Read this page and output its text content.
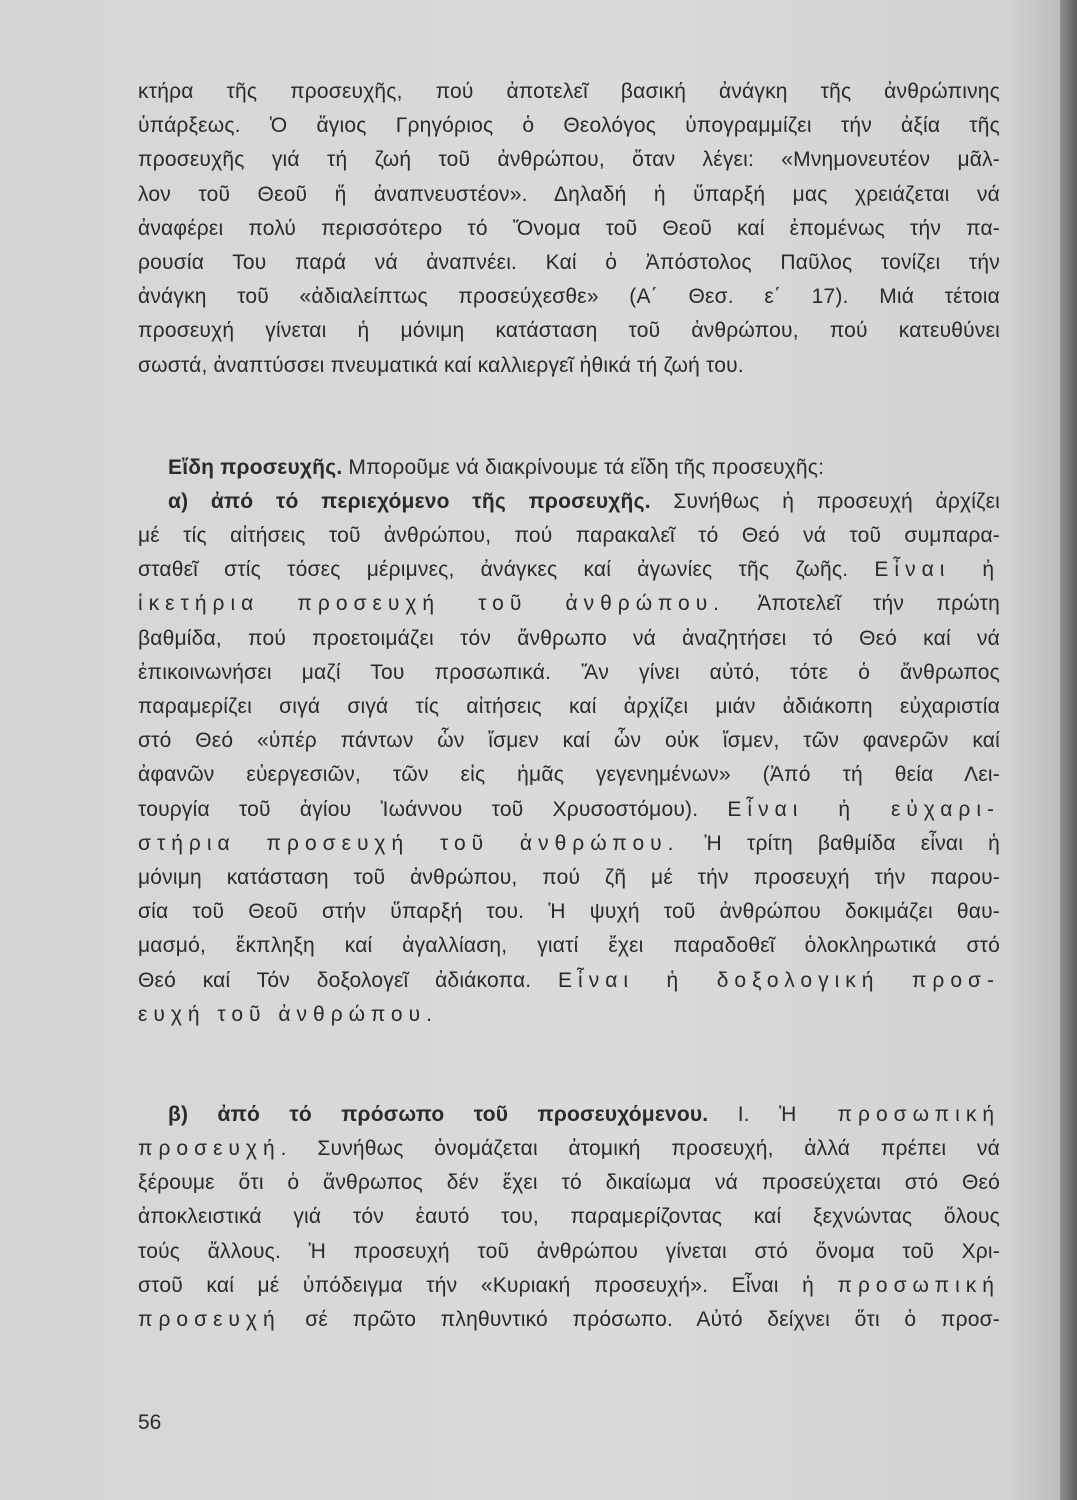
κτήρα τῆς προσευχῆς, πού ἀποτελεῖ βασική ἀνάγκη τῆς ἀνθρώπινης
ὑπάρξεως. Ὁ ἅγιος Γρηγόριος ὁ Θεολόγος ὑπογραμμίζει τήν ἀξία τῆς
προσευχῆς γιά τή ζωή τοῦ ἀνθρώπου, ὅταν λέγει: «Μνημονευτέον μᾶλ-
λον τοῦ Θεοῦ ἤ ἀναπνευστέον». Δηλαδή ἡ ὕπαρξή μας χρειάζεται νά
ἀναφέρει πολύ περισσότερο τό Ὄνομα τοῦ Θεοῦ καί ἐπομένως τήν πα-
ρουσία Του παρά νά ἀναπνέει. Καί ὁ Ἀπόστολος Παῦλος τονίζει τήν
ἀνάγκη τοῦ «ἀδιαλείπτως προσεύχεσθε» (Α΄ Θεσ. ε΄ 17). Μιά τέτοια
προσευχή γίνεται ἡ μόνιμη κατάσταση τοῦ ἀνθρώπου, πού κατευθύνει
σωστά, ἀναπτύσσει πνευματικά καί καλλιεργεῖ ἠθικά τή ζωή του.
Εἴδη προσευχῆς. Μποροῦμε νά διακρίνουμε τά εἴδη τῆς προσευχῆς:
α) ἀπό τό περιεχόμενο τῆς προσευχῆς. Συνήθως ἡ προσευχή ἀρχίζει
μέ τίς αἰτήσεις τοῦ ἀνθρώπου, πού παρακαλεῖ τό Θεό νά τοῦ συμπαρα-
σταθεῖ στίς τόσες μέριμνες, ἀνάγκες καί ἀγωνίες τῆς ζωῆς. Εἶναι ἡ
ἱκετήρια προσευχή τοῦ ἀνθρώπου. Ἀποτελεῖ τήν πρώτη
βαθμίδα, πού προετοιμάζει τόν ἄνθρωπο νά ἀναζητήσει τό Θεό καί νά
ἐπικοινωνήσει μαζί Του προσωπικά. Ἄν γίνει αὐτό, τότε ὁ ἄνθρωπος
παραμερίζει σιγά σιγά τίς αἰτήσεις καί ἀρχίζει μιάν ἀδιάκοπη εὐχαριστία
στό Θεό «ὑπέρ πάντων ὧν ἴσμεν καί ὧν οὐκ ἴσμεν, τῶν φανερῶν καί
ἀφανῶν εὐεργεσιῶν, τῶν εἰς ἡμᾶς γεγενημένων» (Ἀπό τή θεία Λει-
τουργία τοῦ ἁγίου Ἰωάννου τοῦ Χρυσοστόμου). Εἶναι ἡ εὐχαρι-
στήρια προσευχή τοῦ ἀνθρώπου. Ἡ τρίτη βαθμίδα εἶναι ἡ
μόνιμη κατάσταση τοῦ ἀνθρώπου, πού ζῆ μέ τήν προσευχή τήν παρου-
σία τοῦ Θεοῦ στήν ὕπαρξή του. Ἡ ψυχή τοῦ ἀνθρώπου δοκιμάζει θαυ-
μασμό, ἔκπληξη καί ἀγαλλίαση, γιατί ἔχει παραδοθεῖ ὁλοκληρωτικά στό
Θεό καί Τόν δοξολογεῖ ἀδιάκοπα. Εἶναι ἡ δοξολογική προσ-
ευχή τοῦ ἀνθρώπου.
β) ἀπό τό πρόσωπο τοῦ προσευχόμενου. Ι. Ἡ προσωπική
προσευχή. Συνήθως ὀνομάζεται ἀτομική προσευχή, ἀλλά πρέπει νά
ξέρουμε ὅτι ὁ ἄνθρωπος δέν ἔχει τό δικαίωμα νά προσεύχεται στό Θεό
ἀποκλειστικά γιά τόν ἑαυτό του, παραμερίζοντας καί ξεχνώντας ὅλους
τούς ἄλλους. Ἡ προσευχή τοῦ ἀνθρώπου γίνεται στό ὄνομα τοῦ Χρι-
στοῦ καί μέ ὑπόδειγμα τήν «Κυριακή προσευχή». Εἶναι ἡ προσωπική
προσευχή σέ πρῶτο πληθυντικό πρόσωπο. Αὐτό δείχνει ὅτι ὁ προσ-
56
